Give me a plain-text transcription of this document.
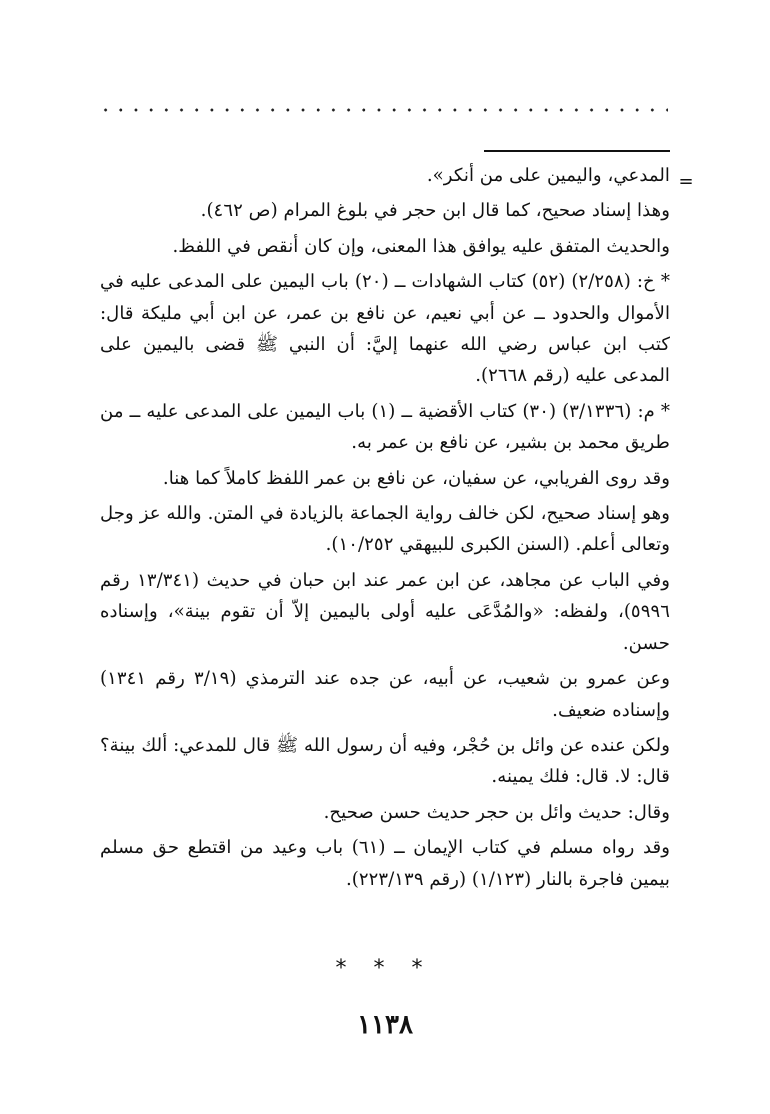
=

المدعي، واليمين على من أنكر».

وهذا إسناد صحيح، كما قال ابن حجر في بلوغ المرام (ص ٤٦٢).

والحديث المتفق عليه يوافق هذا المعنى، وإن كان أنقص في اللفظ.

* خ: (٢/٢٥٨) (٥٢) كتاب الشهادات ــ (٢٠) باب اليمين على المدعى عليه في الأموال والحدود ــ عن أبي نعيم، عن نافع بن عمر، عن ابن أبي مليكة قال: كتب ابن عباس رضي الله عنهما إليَّ: أن النبي ﷺ قضى باليمين على المدعى عليه (رقم ٢٦٦٨).

* م: (٣/١٣٣٦) (٣٠) كتاب الأقضية ــ (١) باب اليمين على المدعى عليه ــ من طريق محمد بن بشير، عن نافع بن عمر به.

وقد روى الفريابي، عن سفيان، عن نافع بن عمر اللفظ كاملاً كما هنا.

وهو إسناد صحيح، لكن خالف رواية الجماعة بالزيادة في المتن. والله عز وجل وتعالى أعلم. (السنن الكبرى للبيهقي ١٠/٢٥٢).

وفي الباب عن مجاهد، عن ابن عمر عند ابن حبان في حديث (١٣/٣٤١ رقم ٥٩٩٦)، ولفظه: «والمُدَّعَى عليه أولى باليمين إلاّ أن تقوم بينة»، وإسناده حسن.

وعن عمرو بن شعيب، عن أبيه، عن جده عند الترمذي (٣/١٩ رقم ١٣٤١) وإسناده ضعيف.

ولكن عنده عن وائل بن حُجْر، وفيه أن رسول الله ﷺ قال للمدعي: ألك بينة؟ قال: لا. قال: فلك يمينه.

وقال: حديث وائل بن حجر حديث حسن صحيح.

وقد رواه مسلم في كتاب الإيمان ــ (٦١) باب وعيد من اقتطع حق مسلم بيمين فاجرة بالنار (١/١٢٣) (رقم ٢٢٣/١٣٩).

* * *
١١٣٨
